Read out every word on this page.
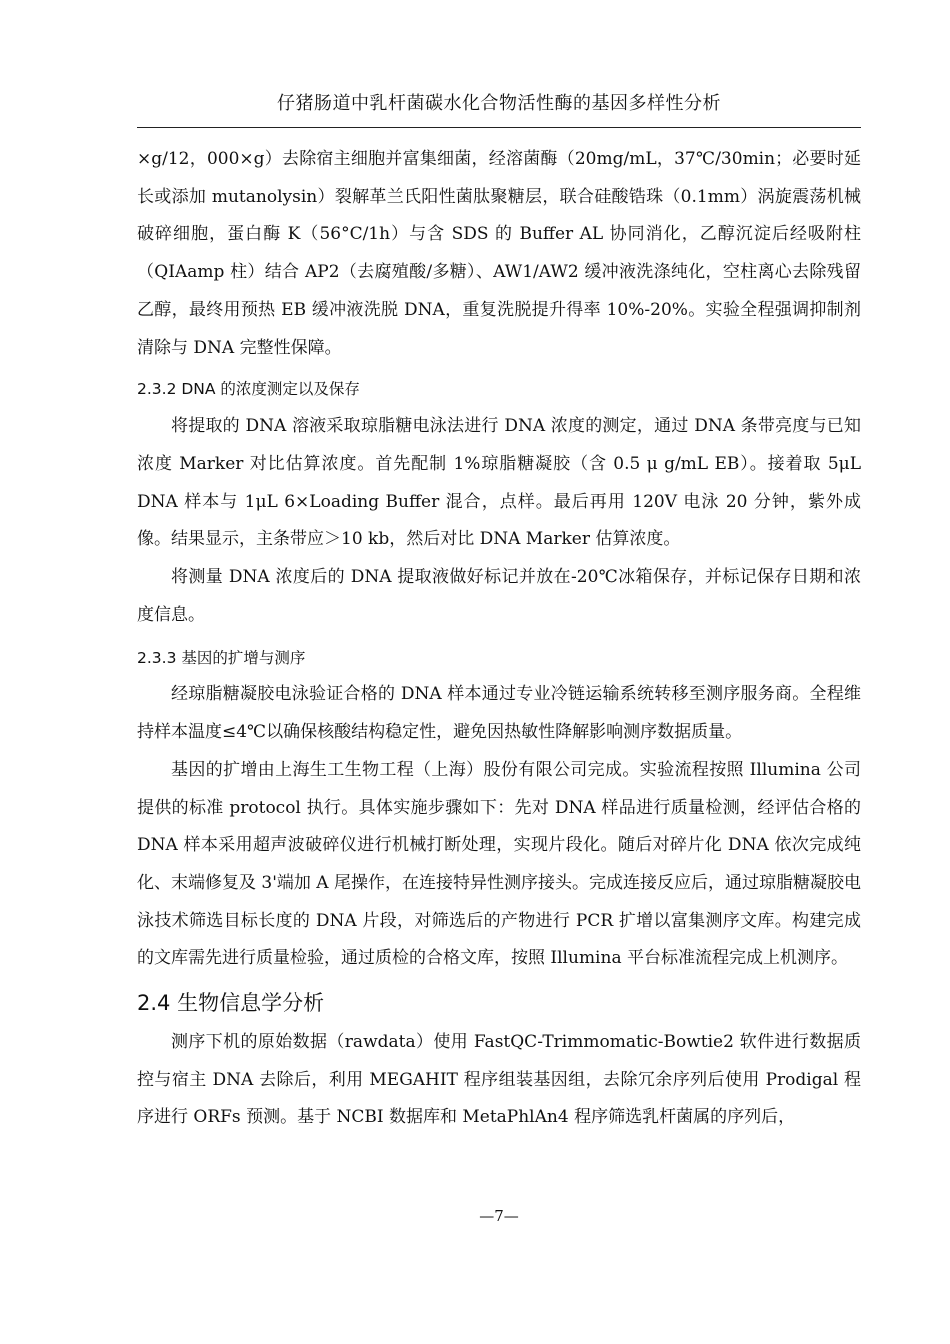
仔猪肠道中乳杆菌碳水化合物活性酶的基因多样性分析

×g/12，000×g）去除宿主细胞并富集细菌，经溶菌酶（20mg/mL，37℃/30min；必要时延长或添加 mutanolysin）裂解革兰氏阳性菌肽聚糖层，联合硅酸锆珠（0.1mm）涡旋震荡机械破碎细胞，蛋白酶 K（56°C/1h）与含 SDS 的 Buffer AL 协同消化，乙醇沉淀后经吸附柱（QIAamp 柱）结合 AP2（去腐殖酸/多糖）、AW1/AW2 缓冲液洗涤纯化，空柱离心去除残留乙醇，最终用预热 EB 缓冲液洗脱 DNA，重复洗脱提升得率 10%-20%。实验全程强调抑制剂清除与 DNA 完整性保障。

2.3.2 DNA 的浓度测定以及保存

将提取的 DNA 溶液采取琼脂糖电泳法进行 DNA 浓度的测定，通过 DNA 条带亮度与已知浓度 Marker 对比估算浓度。首先配制 1%琼脂糖凝胶（含 0.5 μ g/mL EB）。接着取 5μL DNA 样本与 1μL 6×Loading Buffer 混合，点样。最后再用 120V 电泳 20 分钟，紫外成像。结果显示，主条带应＞10 kb，然后对比 DNA Marker 估算浓度。

将测量 DNA 浓度后的 DNA 提取液做好标记并放在-20℃冰箱保存，并标记保存日期和浓度信息。

2.3.3 基因的扩增与测序

经琼脂糖凝胶电泳验证合格的 DNA 样本通过专业冷链运输系统转移至测序服务商。全程维持样本温度≤4℃以确保核酸结构稳定性，避免因热敏性降解影响测序数据质量。

基因的扩增由上海生工生物工程（上海）股份有限公司完成。实验流程按照 Illumina 公司提供的标准 protocol 执行。具体实施步骤如下：先对 DNA 样品进行质量检测，经评估合格的 DNA 样本采用超声波破碎仪进行机械打断处理，实现片段化。随后对碎片化 DNA 依次完成纯化、末端修复及 3'端加 A 尾操作，在连接特异性测序接头。完成连接反应后，通过琼脂糖凝胶电泳技术筛选目标长度的 DNA 片段，对筛选后的产物进行 PCR 扩增以富集测序文库。构建完成的文库需先进行质量检验，通过质检的合格文库，按照 Illumina 平台标准流程完成上机测序。

2.4 生物信息学分析

测序下机的原始数据（rawdata）使用 FastQC-Trimmomatic-Bowtie2 软件进行数据质控与宿主 DNA 去除后，利用 MEGAHIT 程序组装基因组，去除冗余序列后使用 Prodigal 程序进行 ORFs 预测。基于 NCBI 数据库和 MetaPhlAn4 程序筛选乳杆菌属的序列后，

—7—
